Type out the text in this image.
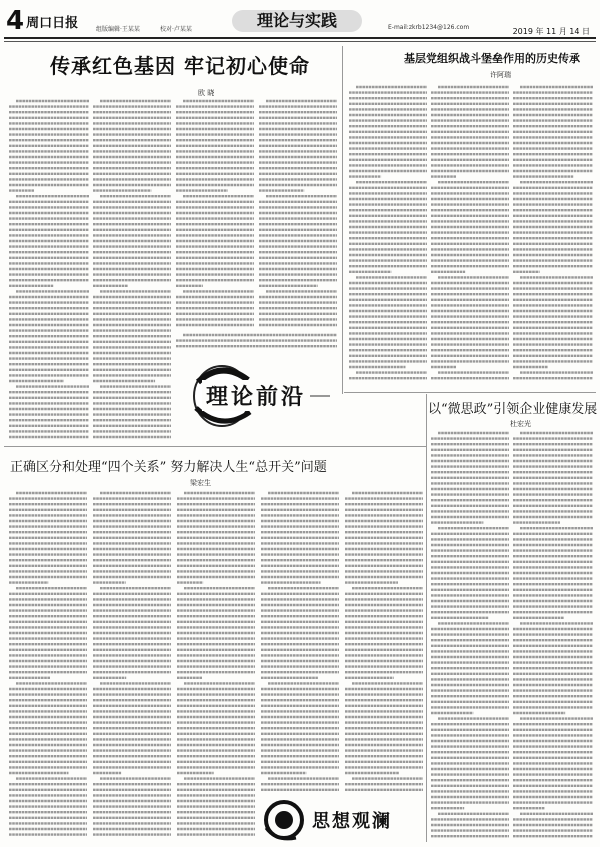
4 周口日报	组版编辑·王某某	校对·卢某某	理论与实践	E-mail:zkrb1234@126.com	2019 年 11 月 14 日
传承红色基因 牢记初心使命
欧 晓
理论前沿
基层党组织战斗堡垒作用的历史传承
许阿瑞
以“微思政”引领企业健康发展
杜宏光
正确区分和处理“四个关系” 努力解决人生“总开关”问题
梁宏生
思想观澜
